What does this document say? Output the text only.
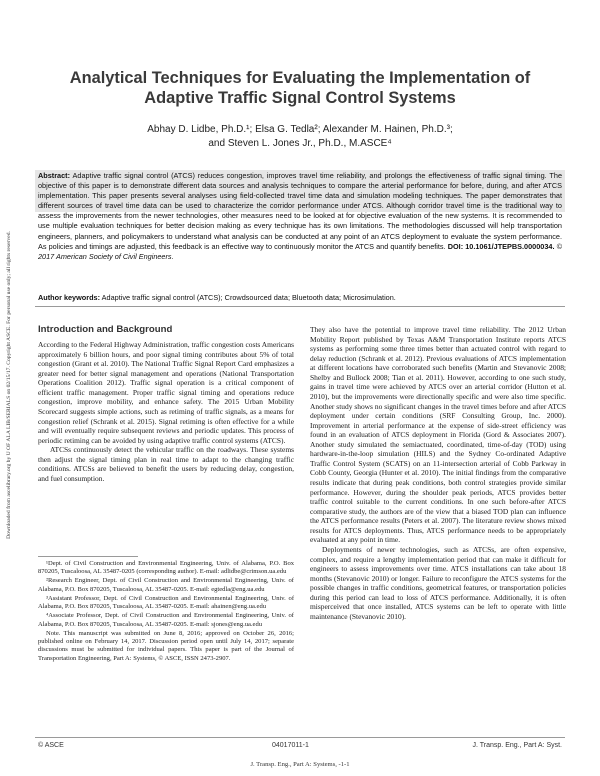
Downloaded from ascelibrary.org by U OF ALA LIB/SERIALS on 02/15/17. Copyright ASCE. For personal use only; all rights reserved.
Analytical Techniques for Evaluating the Implementation of Adaptive Traffic Signal Control Systems
Abhay D. Lidbe, Ph.D.¹; Elsa G. Tedla²; Alexander M. Hainen, Ph.D.³;
and Steven L. Jones Jr., Ph.D., M.ASCE⁴
Abstract: Adaptive traffic signal control (ATCS) reduces congestion, improves travel time reliability, and prolongs the effectiveness of traffic signal timing. The objective of this paper is to demonstrate different data sources and analysis techniques to compare the arterial performance for before, during, and after ATCS implementation. This paper presents several analyses using field-collected travel time data and simulation modeling techniques. The paper demonstrates that different sources of travel time data can be used to characterize the corridor performance under ATCS. Although corridor travel time is the traditional way to assess the improvements from the newer technologies, other measures need to be looked at for objective evaluation of the new systems. It is recommended to use multiple evaluation techniques for better decision making as every technique has its own limitations. The methodologies discussed will help transportation engineers, planners, and policymakers to understand what analysis can be conducted at any point of an ATCS deployment to evaluate the system performance. As policies and timings are adjusted, this feedback is an effective way to continuously monitor the ATCS and quantify benefits. DOI: 10.1061/JTEPBS.0000034. © 2017 American Society of Civil Engineers.
Author keywords: Adaptive traffic signal control (ATCS); Crowdsourced data; Bluetooth data; Microsimulation.
Introduction and Background

According to the Federal Highway Administration, traffic congestion costs Americans approximately 6 billion hours, and poor signal timing contributes about 5% of total congestion (Grant et al. 2010). The National Traffic Signal Report Card emphasizes a greater need for better signal management and operations (National Transportation Operations Coalition 2012). Traffic signal operation is a critical component of efficient traffic management. Proper traffic signal timing and operations reduce congestion, improve mobility, and enhance safety. The 2015 Urban Mobility Scorecard suggests simple actions, such as retiming of traffic signals, as a means for congestion relief (Schrank et al. 2015). Signal retiming is often effective for a while and will eventually require subsequent reviews and periodic updates. This process of periodic retiming can be avoided by using adaptive traffic control systems (ATCS).

ATCSs continuously detect the vehicular traffic on the roadways. These systems then adjust the signal timing plan in real time to adapt to the changing traffic conditions. ATCSs are believed to benefit the users by reducing delay, congestion, and fuel consumption.

¹Dept. of Civil Construction and Environmental Engineering, Univ. of Alabama, P.O. Box 870205, Tuscaloosa, AL 35487-0205 (corresponding author). E-mail: adlidbe@crimson.ua.edu

²Research Engineer, Dept. of Civil Construction and Environmental Engineering, Univ. of Alabama, P.O. Box 870205, Tuscaloosa, AL 35487-0205. E-mail: egtedla@eng.ua.edu

³Assistant Professor, Dept. of Civil Construction and Environmental Engineering, Univ. of Alabama, P.O. Box 870205, Tuscaloosa, AL 35487-0205. E-mail: ahainen@eng.ua.edu

⁴Associate Professor, Dept. of Civil Construction and Environmental Engineering, Univ. of Alabama, P.O. Box 870205, Tuscaloosa, AL 35487-0205. E-mail: sjones@eng.ua.edu

Note. This manuscript was submitted on June 8, 2016; approved on October 26, 2016; published online on February 14, 2017. Discussion period open until July 14, 2017; separate discussions must be submitted for individual papers. This paper is part of the Journal of Transportation Engineering, Part A: Systems, © ASCE, ISSN 2473-2907.

They also have the potential to improve travel time reliability. The 2012 Urban Mobility Report published by Texas A&M Transportation Institute reports ATCS systems as performing some three times better than actuated control with regard to delay reduction (Schrank et al. 2012). Previous evaluations of ATCS implementation at different locations have corroborated such benefits (Martin and Stevanovic 2008; Shelby and Bullock 2008; Tian et al. 2011). However, according to one such study, gains in travel time were achieved by ATCS over an arterial corridor (Hutton et al. 2010), but the improvements were directionally specific and were also time specific. Another study shows no significant changes in the travel times before and after ATCS deployment under certain conditions (SRF Consulting Group, Inc. 2000). Improvement in arterial performance at the expense of side-street efficiency was found in an evaluation of ATCS deployment in Florida (Gord & Associates 2007). Another study simulated the semiactuated, coordinated, time-of-day (TOD) using hardware-in-the-loop simulation (HILS) and the Sydney Co-ordinated Adaptive Traffic Control System (SCATS) on an 11-intersection arterial of Cobb Parkway in Cobb County, Georgia (Hunter et al. 2010). The initial findings from the comparative results indicate that during peak conditions, both control strategies provide similar performance. However, during the shoulder peak periods, ATCS provides better traffic control suitable to the current conditions. In one such before-after ATCS comparative study, the authors are of the view that a biased TOD plan can influence the ATCS performance results (Peters et al. 2007). The literature review shows mixed results for ATCS deployments. Thus, ATCS performance needs to be appropriately evaluated at any point in time.

Deployments of newer technologies, such as ATCSs, are often expensive, complex, and require a lengthy implementation period that can make it difficult for engineers to assess improvements over time. ATCS installations can take about 18 months (Stevanovic 2010) or longer. Failure to reconfigure the ATCS systems for the possible changes in traffic conditions, geometrical features, or transportation policies during this period can lead to loss of ATCS performance. Additionally, it is often misperceived that once installed, ATCS systems can be left to operate with little maintenance (Stevanovic 2010).

© ASCE	04017011-1	J. Transp. Eng., Part A: Syst.
J. Transp. Eng., Part A: Systems, -1-1
